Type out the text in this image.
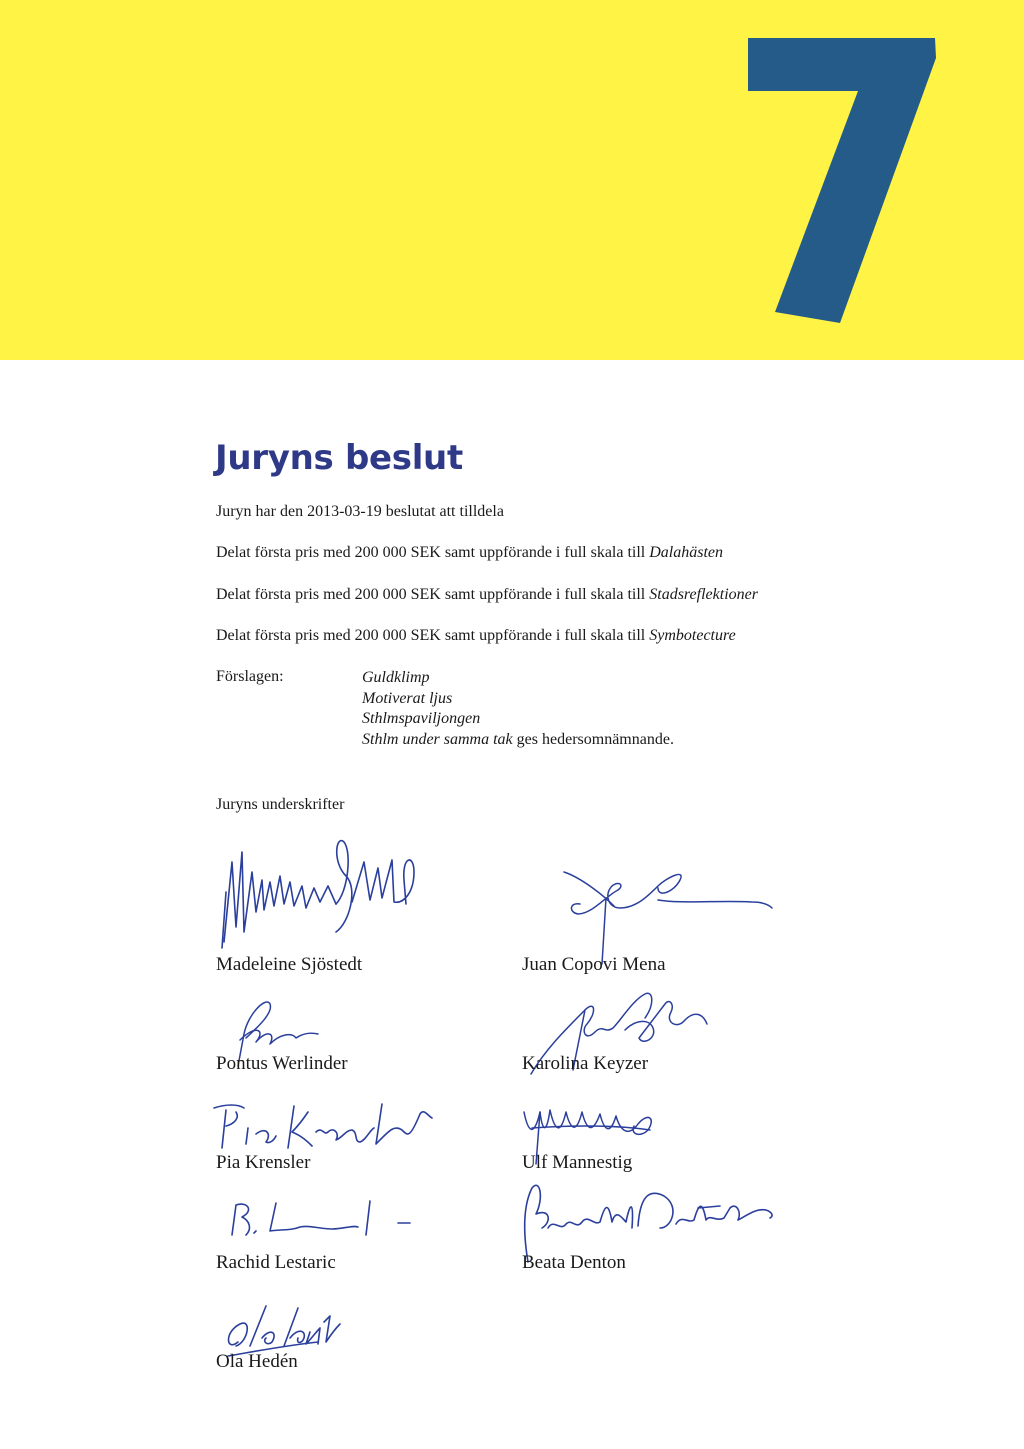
Juryns beslut

Juryn har den 2013-03-19 beslutat att tilldela

Delat första pris med 200 000 SEK samt uppförande i full skala till Dalahästen

Delat första pris med 200 000 SEK samt uppförande i full skala till Stadsreflektioner

Delat första pris med 200 000 SEK samt uppförande i full skala till Symbotecture

Förslagen:	Guldklimp
Motiverat ljus
Sthlmspaviljongen
Sthlm under samma tak ges hedersomnämnande.
Juryns underskrifter
Madeleine Sjöstedt	Juan Copovi Mena
Pontus Werlinder	Karolina Keyzer
Pia Krensler	Ulf Mannestig
Rachid Lestaric	Beata Denton
Ola Hedén
